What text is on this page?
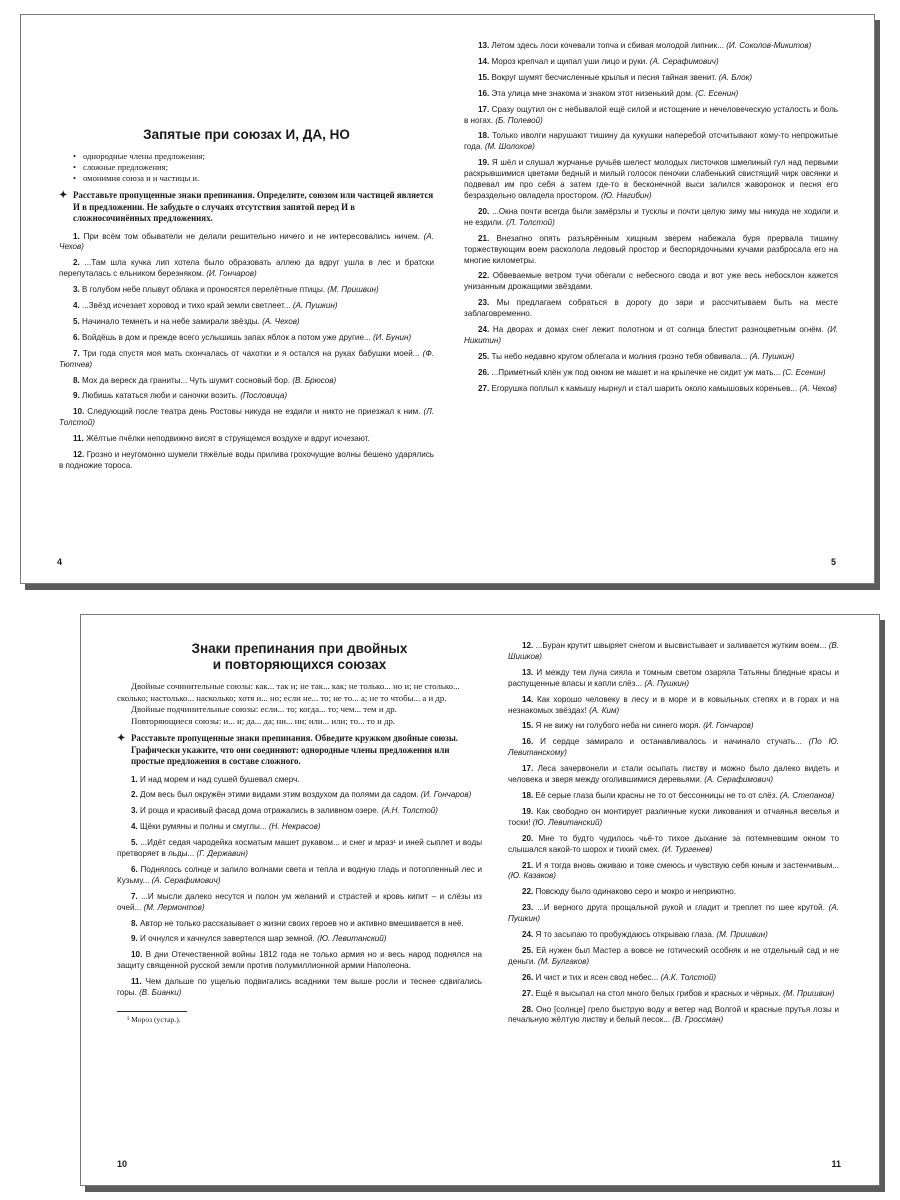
Запятые при союзах И, ДА, НО
• однородные члены предложения;
• сложные предложения;
• омонимия союза и и частицы и.
✦ Расставьте пропущенные знаки препинания. Определите, союзом или частицей является И в предложении. Не забудьте о случаях отсутствия запятой перед И в сложносочинённых предложениях.

1. При всём том обыватели не делали решительно ничего и не интересовались ничем. (А. Чехов)

2. ...Там шла кучка лип хотела было образовать аллею да вдруг ушла в лес и братски перепуталась с ельником березняком. (И. Гончаров)

3. В голубом небе плывут облака и проносятся перелётные птицы. (М. Пришвин)

4. ...Звёзд исчезает хоровод и тихо край земли светлеет... (А. Пушкин)

5. Начинало темнеть и на небе замирали звёзды. (А. Чехов)

6. Войдёшь в дом и прежде всего услышишь запах яблок а потом уже другие... (И. Бунин)

7. Три года спустя моя мать скончалась от чахотки и я остался на руках бабушки моей... (Ф. Тютчев)

8. Мох да вереск да граниты... Чуть шумит сосновый бор. (В. Брюсов)

9. Любишь кататься люби и саночки возить. (Пословица)

10. Следующий после театра день Ростовы никуда не ездили и никто не приезжал к ним. (Л. Толстой)

11. Жёлтые пчёлки неподвижно висят в струящемся воздухе и вдруг исчезают.

12. Грозно и неугомонно шумели тяжёлые воды прилива грохочущие волны бешено ударялись в подножие тороса.

4

13. Летом здесь лоси кочевали топча и сбивая молодой липник... (И. Соколов-Микитов)

14. Мороз крепчал и щипал уши лицо и руки. (А. Серафимович)

15. Вокруг шумят бесчисленные крылья и песня тайная звенит. (А. Блок)

16. Эта улица мне знакома и знаком этот низенький дом. (С. Есенин)

17. Сразу ощутил он с небывалой ещё силой и истощение и нечеловеческую усталость и боль в ногах. (Б. Полевой)

18. Только иволги нарушают тишину да кукушки наперебой отсчитывают кому-то непрожитые года. (М. Шолохов)

19. Я шёл и слушал журчанье ручьёв шелест молодых листочков шмелиный гул над первыми раскрывшимися цветами бедный и милый голосок пеночки слабенький свистящий чирк овсянки и подвевал им про себя а затем где-то в бесконечной выси залился жаворонок и песня его безраздельно овладела простором. (Ю. Нагибин)

20. ...Окна почти всегда были замёрзлы и тусклы и почти целую зиму мы никуда не ходили и не ездили. (Л. Толстой)

21. Внезапно опять разъярённым хищным зверем набежала буря прервала тишину торжествующим воем расколола ледовый простор и беспорядочными кучами разбросала его на многие километры.

22. Обвеваемые ветром тучи обегали с небесного свода и вот уже весь небосклон кажется унизанным дрожащими звёздами.

23. Мы предлагаем собраться в дорогу до зари и рассчитываем быть на месте заблаговременно.

24. На дворах и домах снег лежит полотном и от солнца блестит разноцветным огнём. (И. Никитин)

25. Ты небо недавно кругом облегала и молния грозно тебя обвивала... (А. Пушкин)

26. ...Приметный клён уж под окном не машет и на крылечке не сидит уж мать... (С. Есенин)

27. Егорушка поплыл к камышу нырнул и стал шарить около камышовых кореньев... (А. Чехов)

5
Знаки препинания при двойных
и повторяющихся союзах

Двойные сочинительные союзы: как... так и; не так... как; не только... но и; не столько... сколько; настолько... насколько; хотя и... но; если не... то; не то... а; не то чтобы... а и др.

Двойные подчинительные союзы: если... то; когда... то; чем... тем и др.

Повторяющиеся союзы: и... и; да... да; ни... ни; или... или; то... то и др.

✦ Расставьте пропущенные знаки препинания. Обведите кружком двойные союзы. Графически укажите, что они соединяют: однородные члены предложения или простые предложения в составе сложного.

1. И над морем и над сушей бушевал смерч.

2. Дом весь был окружён этими видами этим воздухом да полями да садом. (И. Гончаров)

3. И роща и красивый фасад дома отражались в заливном озере. (А.Н. Толстой)

4. Щёки румяны и полны и смуглы... (Н. Некрасов)

5. ...Идёт седая чародейка косматым машет рукавом... и снег и мраз¹ и иней сыплет и воды претворяет в льды... (Г. Державин)

6. Поднялось солнце и залило волнами света и тепла и водную гладь и потопленный лес и Кузьму... (А. Серафимович)

7. ...И мысли далеко несутся и полон ум желаний и страстей и кровь кипит – и слёзы из очей... (М. Лермонтов)

8. Автор не только рассказывает о жизни своих героев но и активно вмешивается в неё.

9. И очнулся и качнулся завертелся шар земной. (Ю. Левитанский)

10. В дни Отечественной войны 1812 года не только армия но и весь народ поднялся на защиту священной русской земли против полумиллионной армии Наполеона.

11. Чем дальше по ущелью подвигались всадники тем выше росли и теснее сдвигались горы. (В. Бианки)

¹ Мороз (устар.).
10

12. ...Буран крутит швыряет снегом и высвистывает и заливается жутким воем... (В. Шишков)

13. И между тем луна сияла и томным светом озаряла Татьяны бледные красы и распущенные власы и капли слёз... (А. Пушкин)

14. Как хорошо человеку в лесу и в море и в ковыльных степях и в горах и на незнакомых звёздах! (А. Ким)

15. Я не вижу ни голубого неба ни синего моря. (И. Гончаров)

16. И сердце замирало и останавливалось и начинало стучать... (По Ю. Левитанскому)

17. Леса зачервонели и стали осыпать листву и можно было далеко видеть и человека и зверя между оголившимися деревьями. (А. Серафимович)

18. Её серые глаза были красны не то от бессонницы не то от слёз. (А. Степанов)

19. Как свободно он монтирует различные куски ликования и отчаянья веселья и тоски! (Ю. Левитанский)

20. Мне то будто чудилось чьё-то тихое дыхание за потемневшим окном то слышался какой-то шорох и тихий смех. (И. Тургенев)

21. И я тогда вновь оживаю и тоже смеюсь и чувствую себя юным и застенчивым... (Ю. Казаков)

22. Повсюду было одинаково серо и мокро и неприютно.

23. ...И верного друга прощальной рукой и гладит и треплет по шее крутой. (А. Пушкин)

24. Я то засыпаю то пробуждаюсь открываю глаза. (М. Пришвин)

25. Ей нужен был Мастер а вовсе не готический особняк и не отдельный сад и не деньги. (М. Булгаков)

26. И чист и тих и ясен свод небес... (А.К. Толстой)

27. Ещё я высыпал на стол много белых грибов и красных и чёрных. (М. Пришвин)

28. Оно [солнце] грело быструю воду и ветер над Волгой и красные прутья лозы и печальную жёлтую листву и белый песок... (В. Гроссман)

11
